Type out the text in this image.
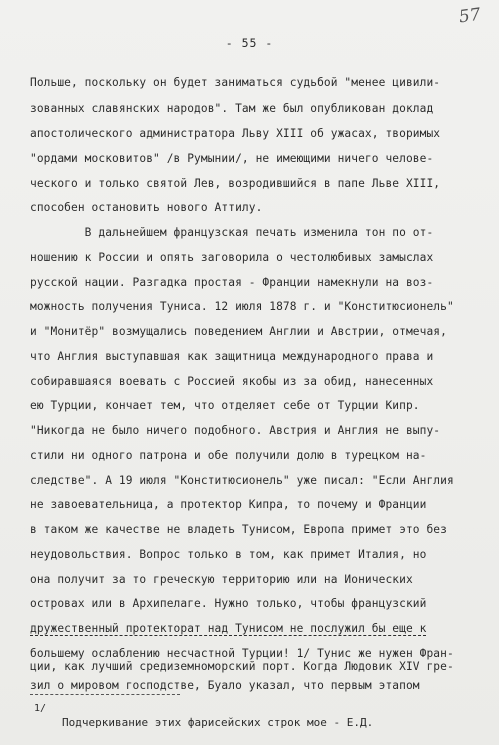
57
- 55 -
Польше, поскольку он будет заниматься судьбой "менее цивили-
зованных славянских народов". Там же был опубликован доклад
апостолического администратора Льву XIII об ужасах, творимых
"ордами московитов" /в Румынии/, не имеющими ничего челове-
ческого и только святой Лев, возродившийся в папе Льве XIII,
способен остановить нового Аттилу.
В дальнейшем французская печать изменила тон по от-
ношению к России и опять заговорила о честолюбивых замыслах
русской нации. Разгадка простая - Франции намекнули на воз-
можность получения Туниса. 12 июля 1878 г. и "Конститюсионель"
и "Монитёр" возмущались поведением Англии и Австрии, отмечая,
что Англия выступавшая как защитница международного права и
собиравшаяся воевать с Россией якобы из за обид, нанесенных
ею Турции, кончает тем, что отделяет себе от Турции Кипр.
"Никогда не было ничего подобного. Австрия и Англия не выпу-
стили ни одного патрона и обе получили долю в турецком на-
следстве". А 19 июля "Конститюсионель" уже писал: "Если Англия
не завоевательница, а протектор Кипра, то почему и Франции
в таком же качестве не владеть Тунисом, Европа примет это без
неудовольствия. Вопрос только в том, как примет Италия, но
она получит за то греческую территорию или на Ионических
островах или в Архипелаге. Нужно только, чтобы французский
дружественный протекторат над Тунисом не послужил бы еще к
большему ослаблению несчастной Турции! 1/ Тунис же нужен Фран-
ции, как лучший средиземноморский порт. Когда Людовик XIV гре-
зил о мировом господстве, Буало указал, что первым этапом
1/
Подчеркивание этих фарисейских строк мое - Е.Д.
